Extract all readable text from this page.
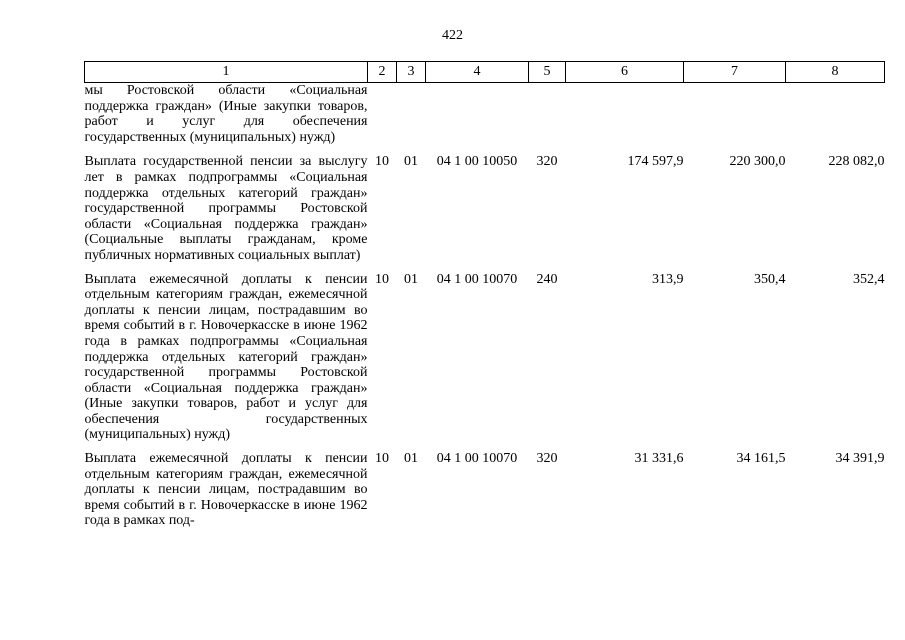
422
1	2	3	4	5	6	7	8
мы Ростовской области «Социальная поддержка граждан» (Иные закупки товаров, работ и услуг для обеспечения государственных (муниципальных) нужд)							
Выплата государственной пенсии за выслугу лет в рамках подпрограммы «Социальная поддержка отдельных категорий граждан» государственной программы Ростовской области «Социальная поддержка граждан» (Социальные выплаты гражданам, кроме публичных нормативных социальных выплат)	10	01	04 1 00 10050	320	174 597,9	220 300,0	228 082,0
Выплата ежемесячной доплаты к пенсии отдельным категориям граждан, ежемесячной доплаты к пенсии лицам, пострадавшим во время событий в г. Новочеркасске в июне 1962 года в рамках подпрограммы «Социальная поддержка отдельных категорий граждан» государственной программы Ростовской области «Социальная поддержка граждан» (Иные закупки товаров, работ и услуг для обеспечения государственных (муниципальных) нужд)	10	01	04 1 00 10070	240	313,9	350,4	352,4
Выплата ежемесячной доплаты к пенсии отдельным категориям граждан, ежемесячной доплаты к пенсии лицам, пострадавшим во время событий в г. Новочеркасске в июне 1962 года в рамках под-	10	01	04 1 00 10070	320	31 331,6	34 161,5	34 391,9
